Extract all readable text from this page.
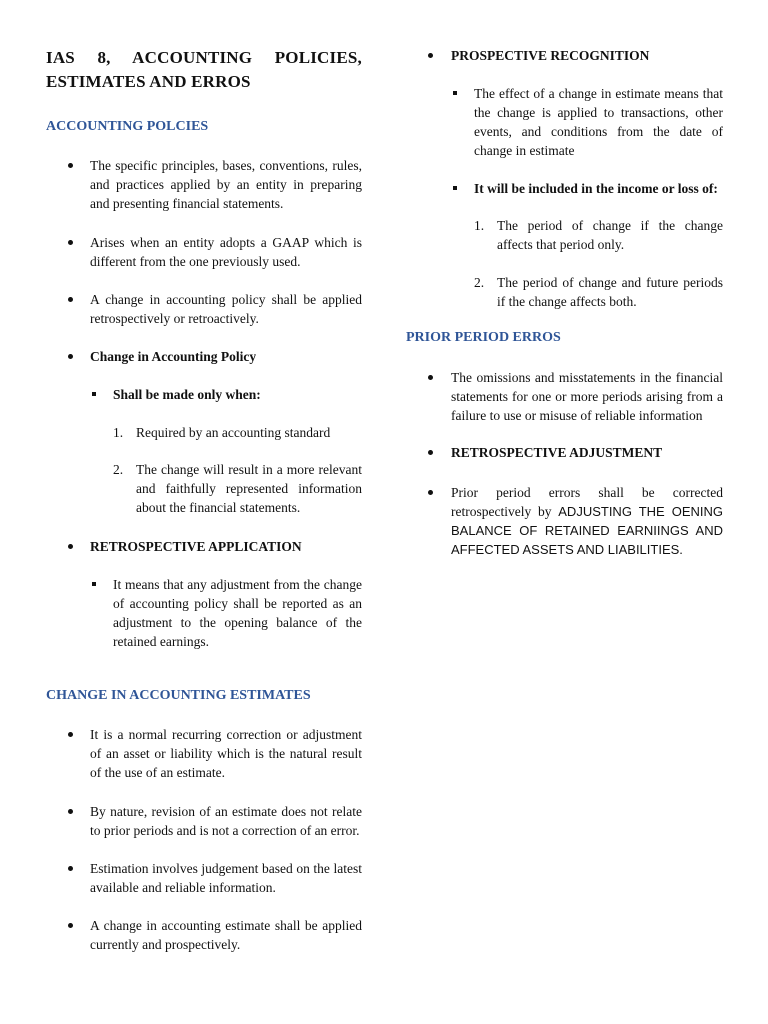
IAS 8, ACCOUNTING POLICIES, ESTIMATES AND ERROS
ACCOUNTING POLCIES

The specific principles, bases, conventions, rules, and practices applied by an entity in preparing and presenting financial statements.

Arises when an entity adopts a GAAP which is different from the one previously used.

A change in accounting policy shall be applied retrospectively or retroactively.

Change in Accounting Policy

Shall be made only when:

1. Required by an accounting standard

2. The change will result in a more relevant and faithfully represented information about the financial statements.

RETROSPECTIVE APPLICATION

It means that any adjustment from the change of accounting policy shall be reported as an adjustment to the opening balance of the retained earnings.

CHANGE IN ACCOUNTING ESTIMATES

It is a normal recurring correction or adjustment of an asset or liability which is the natural result of the use of an estimate.

By nature, revision of an estimate does not relate to prior periods and is not a correction of an error.

Estimation involves judgement based on the latest available and reliable information.

A change in accounting estimate shall be applied currently and prospectively.

PROSPECTIVE RECOGNITION

The effect of a change in estimate means that the change is applied to transactions, other events, and conditions from the date of change in estimate

It will be included in the income or loss of:

1. The period of change if the change affects that period only.

2. The period of change and future periods if the change affects both.

PRIOR PERIOD ERROS

The omissions and misstatements in the financial statements for one or more periods arising from a failure to use or misuse of reliable information

RETROSPECTIVE ADJUSTMENT

Prior period errors shall be corrected retrospectively by ADJUSTING THE OENING BALANCE OF RETAINED EARNIINGS AND AFFECTED ASSETS AND LIABILITIES.
